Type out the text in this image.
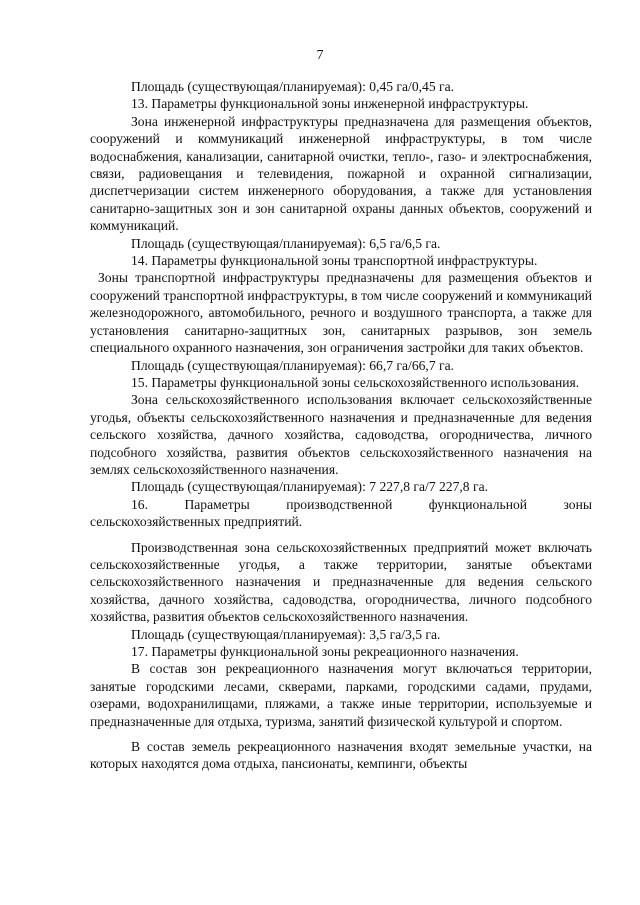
7

Площадь (существующая/планируемая): 0,45 га/0,45 га.

13. Параметры функциональной зоны инженерной инфраструктуры.

Зона инженерной инфраструктуры предназначена для размещения объектов, сооружений и коммуникаций инженерной инфраструктуры, в том числе водоснабжения, канализации, санитарной очистки, тепло-, газо- и электроснабжения, связи, радиовещания и телевидения, пожарной и охранной сигнализации, диспетчеризации систем инженерного оборудования, а также для установления санитарно-защитных зон и зон санитарной охраны данных объектов, сооружений и коммуникаций.

Площадь (существующая/планируемая): 6,5 га/6,5 га.

14. Параметры функциональной зоны транспортной инфраструктуры.

Зоны транспортной инфраструктуры предназначены для размещения объектов и сооружений транспортной инфраструктуры, в том числе сооружений и коммуникаций железнодорожного, автомобильного, речного и воздушного транспорта, а также для установления санитарно-защитных зон, санитарных разрывов, зон земель специального охранного назначения, зон ограничения застройки для таких объектов.

Площадь (существующая/планируемая): 66,7 га/66,7 га.

15. Параметры функциональной зоны сельскохозяйственного использования.

Зона сельскохозяйственного использования включает сельскохозяйственные угодья, объекты сельскохозяйственного назначения и предназначенные для ведения сельского хозяйства, дачного хозяйства, садоводства, огородничества, личного подсобного хозяйства, развития объектов сельскохозяйственного назначения на землях сельскохозяйственного назначения.

Площадь (существующая/планируемая): 7 227,8 га/7 227,8 га.

16. Параметры производственной функциональной зоны сельскохозяйственных предприятий.

Производственная зона сельскохозяйственных предприятий может включать сельскохозяйственные угодья, а также территории, занятые объектами сельскохозяйственного назначения и предназначенные для ведения сельского хозяйства, дачного хозяйства, садоводства, огородничества, личного подсобного хозяйства, развития объектов сельскохозяйственного назначения.

Площадь (существующая/планируемая): 3,5 га/3,5 га.

17. Параметры функциональной зоны рекреационного назначения.

В состав зон рекреационного назначения могут включаться территории, занятые городскими лесами, скверами, парками, городскими садами, прудами, озерами, водохранилищами, пляжами, а также иные территории, используемые и предназначенные для отдыха, туризма, занятий физической культурой и спортом.

В состав земель рекреационного назначения входят земельные участки, на которых находятся дома отдыха, пансионаты, кемпинги, объекты
